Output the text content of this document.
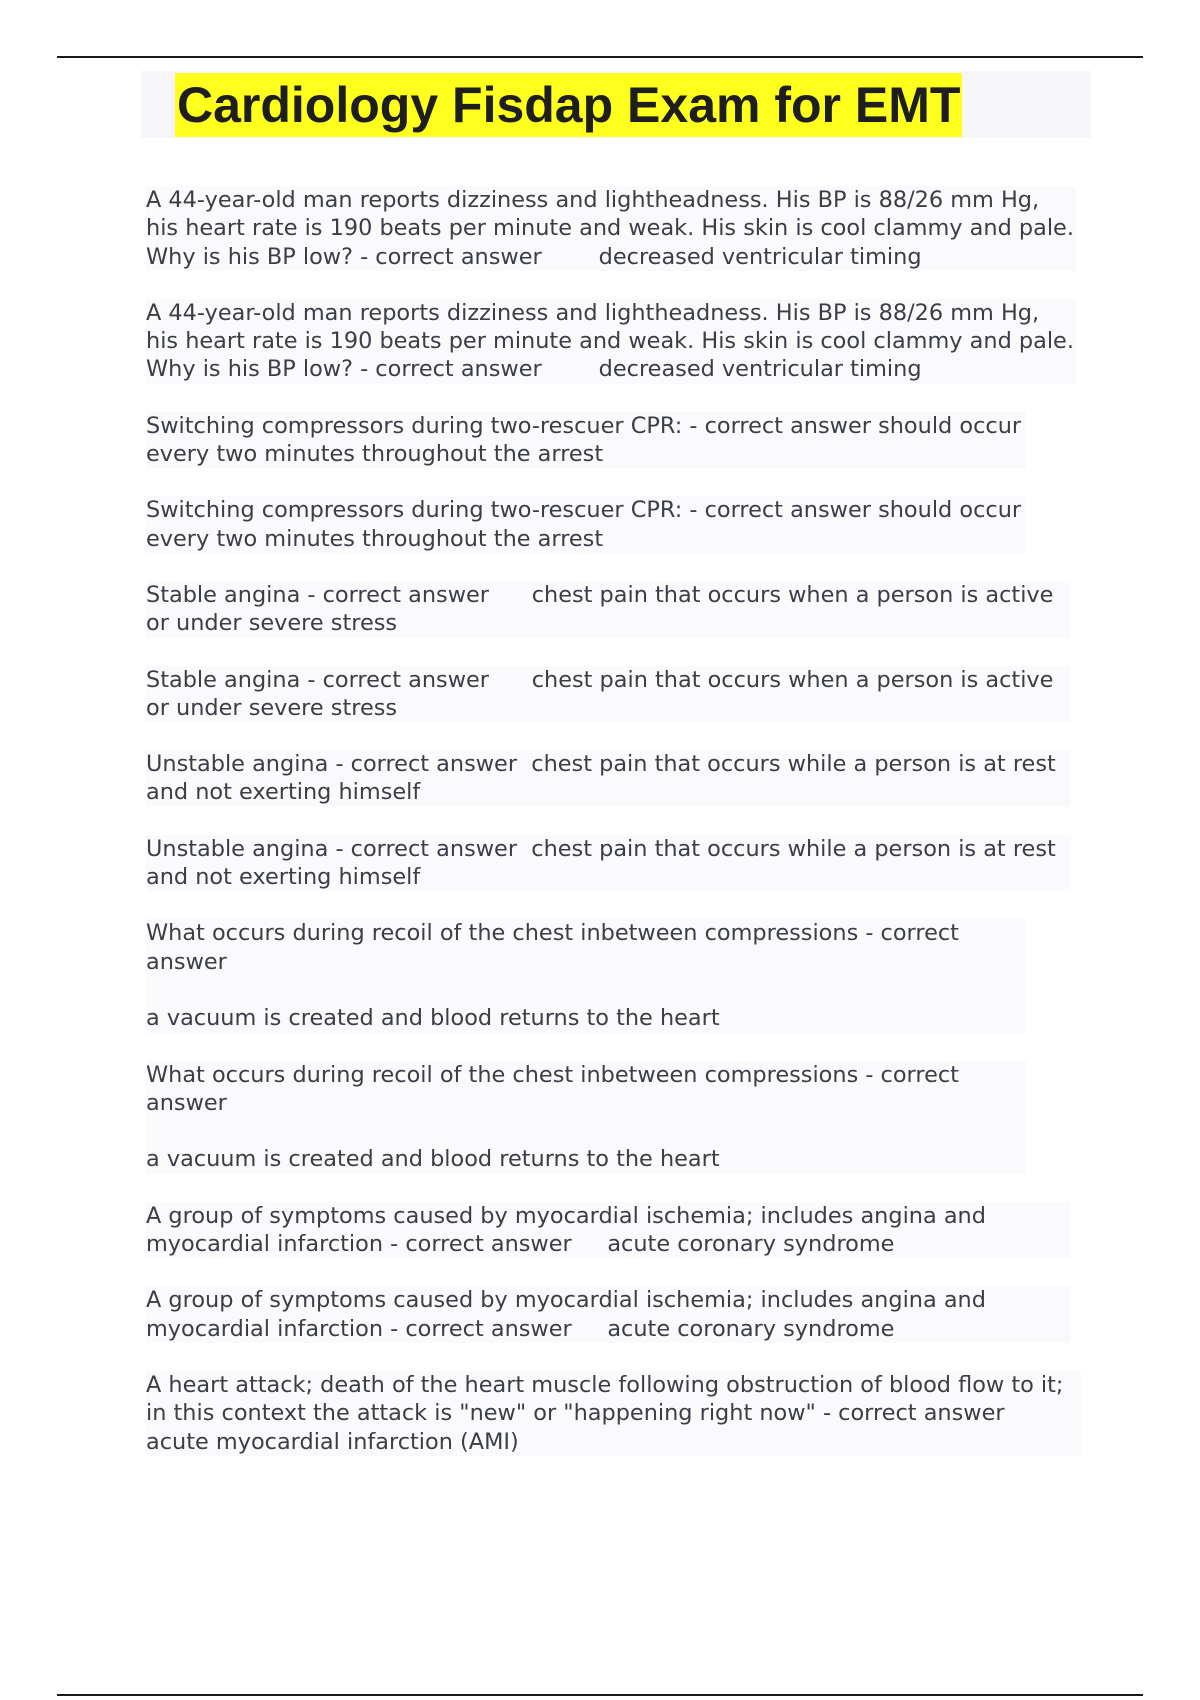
Cardiology Fisdap Exam for EMT
A 44-year-old man reports dizziness and lightheadness. His BP is 88/26 mm Hg, his heart rate is 190 beats per minute and weak. His skin is cool clammy and pale. Why is his BP low? - correct answer	decreased ventricular timing
A 44-year-old man reports dizziness and lightheadness. His BP is 88/26 mm Hg, his heart rate is 190 beats per minute and weak. His skin is cool clammy and pale. Why is his BP low? - correct answer	decreased ventricular timing
Switching compressors during two-rescuer CPR: - correct answer should occur every two minutes throughout the arrest
Switching compressors during two-rescuer CPR: - correct answer should occur every two minutes throughout the arrest
Stable angina - correct answer chest pain that occurs when a person is active or under severe stress
Stable angina - correct answer chest pain that occurs when a person is active or under severe stress
Unstable angina - correct answer chest pain that occurs while a person is at rest and not exerting himself
Unstable angina - correct answer chest pain that occurs while a person is at rest and not exerting himself
What occurs during recoil of the chest inbetween compressions - correct answer

a vacuum is created and blood returns to the heart
What occurs during recoil of the chest inbetween compressions - correct answer

a vacuum is created and blood returns to the heart
A group of symptoms caused by myocardial ischemia; includes angina and myocardial infarction - correct answer acute coronary syndrome
A group of symptoms caused by myocardial ischemia; includes angina and myocardial infarction - correct answer acute coronary syndrome
A heart attack; death of the heart muscle following obstruction of blood flow to it; in this context the attack is "new" or "happening right now" - correct answer                                                                             acute myocardial infarction (AMI)
